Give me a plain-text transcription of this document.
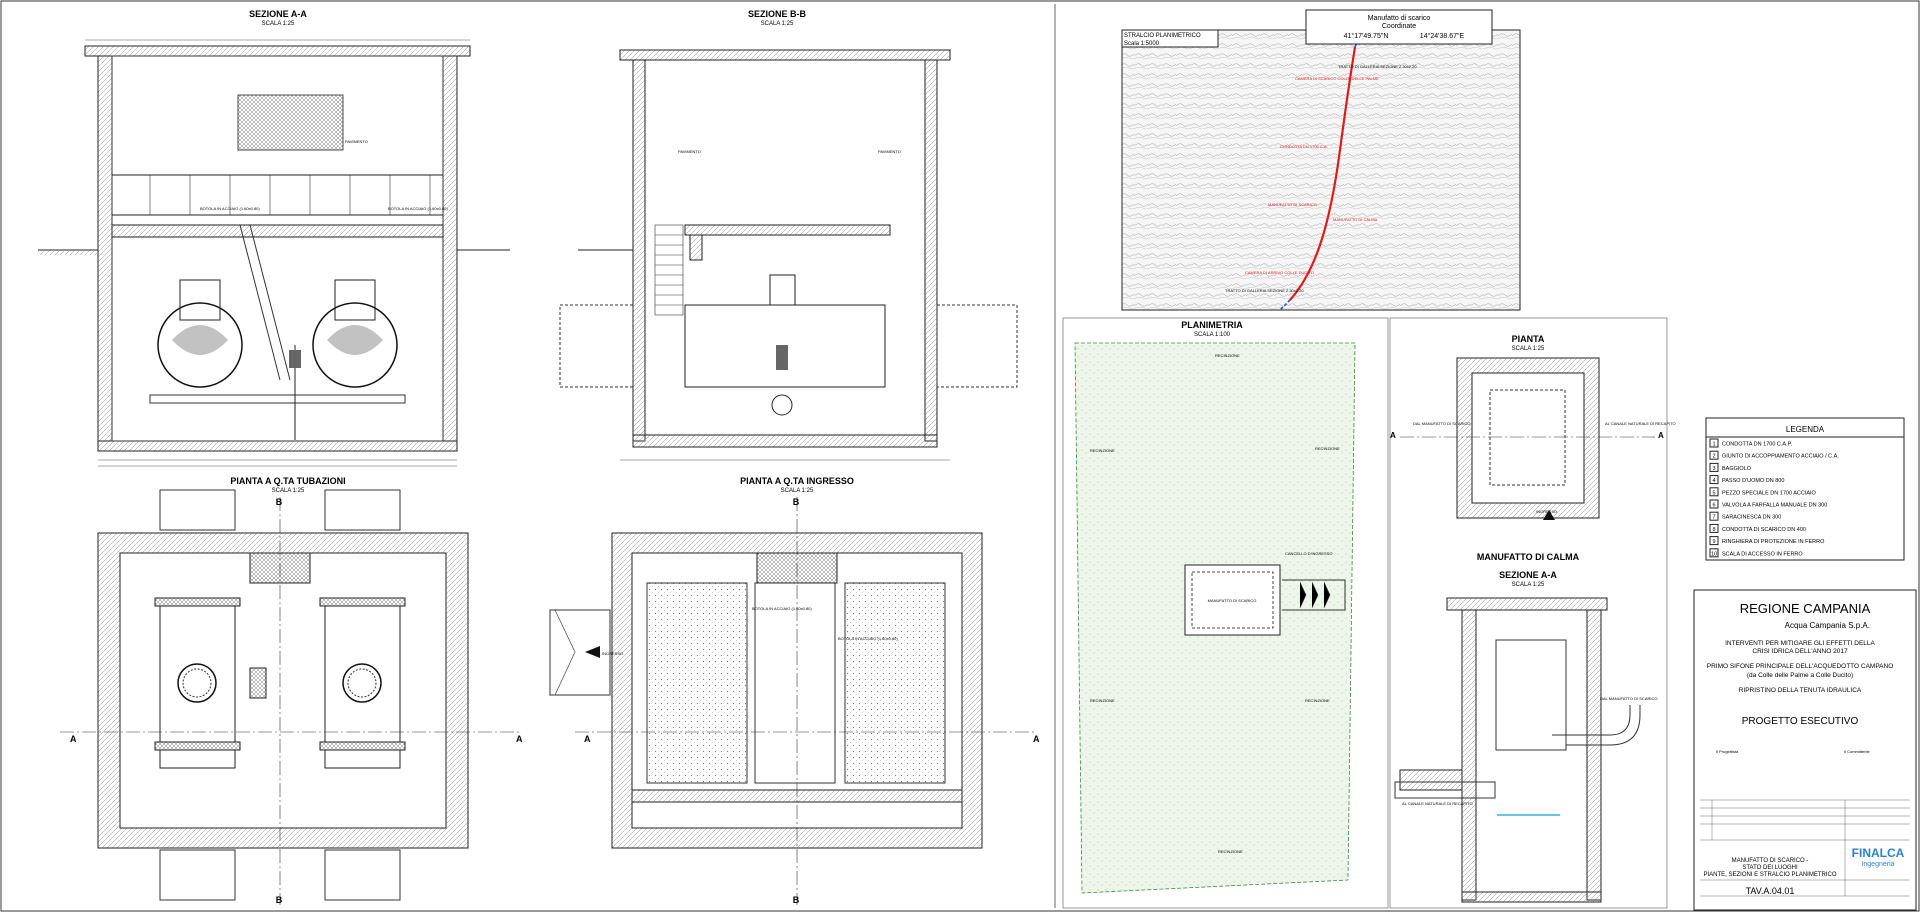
SEZIONE A-A
SCALA 1:25
PAVIMENTO
BOTOLA IN ACCIAIO (1.60x0.80)	BOTOLA IN ACCIAIO (1.60x0.80)
SEZIONE B-B
SCALA 1:25
PAVIMENTO	PAVIMENTO
PIANTA A Q.TA TUBAZIONI
SCALA 1:25
B
B
A	A
PIANTA A Q.TA INGRESSO
SCALA 1:25
BOTOLA IN ACCIAIO (1.60x0.80)
BOTOLA IN ACCIAIO (1.60x0.80)
INGRESSO
B
B
A	A
STRALCIO PLANIMETRICO
Scala 1:5000
TRATTO DI GALLERIA SEZIONE 2.30x2.20
CAMERA DI SCARICO COLLE DELLE PALME
CONDOTTA DN 1700 C.A.
MANUFATTO DI SCARICO
MANUFATTO DI CALMA
CAMERA DI ARRIVO COLLE DUCITO
TRATTO DI GALLERIA SEZIONE 2.30x2.20
Manufatto di scarico
Coordinate
41°17'49.75"N	14°24'38.67"E
PLANIMETRIA
SCALA 1:100
MANUFATTO DI SCARICO
CANCELLO D'INGRESSO
RECINZIONE
RECINZIONE	RECINZIONE
RECINZIONE	RECINZIONE
RECINZIONE
PIANTA
SCALA 1:25
A	A
DAL MANUFATTO DI SCARICO	AL CANALE NATURALE DI RECAPITO
INGRESSO
MANUFATTO DI CALMA
SEZIONE A-A
SCALA 1:25
AL CANALE NATURALE DI RECAPITO
DAL MANUFATTO DI SCARICO
LEGENDA
1 CONDOTTA DN 1700 C.A.P.
2 GIUNTO DI ACCOPPIAMENTO ACCIAIO / C.A.
3 BAGGIOLO
4 PASSO D'UOMO DN 800
5 PEZZO SPECIALE DN 1700 ACCIAIO
6 VALVOLA A FARFALLA MANUALE DN 300
7 SARACINESCA DN 300
8 CONDOTTA DI SCARICO DN 400
9 RINGHIERA DI PROTEZIONE IN FERRO
10 SCALA DI ACCESSO IN FERRO
REGIONE CAMPANIA
Acqua Campania S.p.A.
INTERVENTI PER MITIGARE GLI EFFETTI DELLA
CRISI IDRICA DELL'ANNO 2017
PRIMO SIFONE PRINCIPALE DELL'ACQUEDOTTO CAMPANO
(da Colle delle Palme a Colle Ducito)
RIPRISTINO DELLA TENUTA IDRAULICA
PROGETTO ESECUTIVO
Il Progettista	Il Committente
MANUFATTO DI SCARICO -
STATO DEI LUOGHI
PIANTE, SEZIONI E STRALCIO PLANIMETRICO
FINALCA
Ingegneria
TAV.A.04.01
